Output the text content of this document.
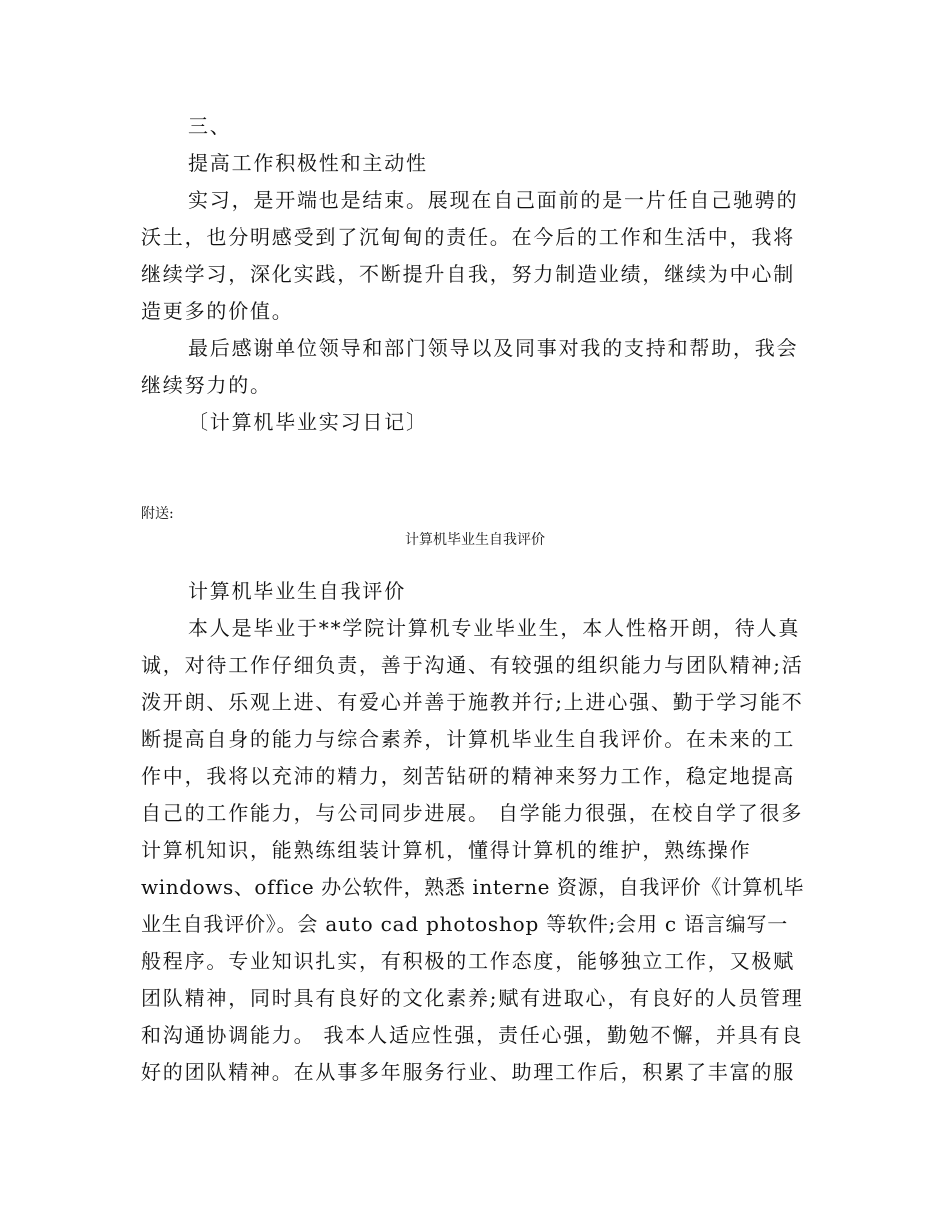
三、
提高工作积极性和主动性
实习，是开端也是结束。展现在自己面前的是一片任自己驰骋的
沃土，也分明感受到了沉甸甸的责任。在今后的工作和生活中，我将
继续学习，深化实践，不断提升自我，努力制造业绩，继续为中心制
造更多的价值。
最后感谢单位领导和部门领导以及同事对我的支持和帮助，我会
继续努力的。
〔计算机毕业实习日记〕
附送:
计算机毕业生自我评价
计算机毕业生自我评价
本人是毕业于**学院计算机专业毕业生，本人性格开朗，待人真
诚，对待工作仔细负责，善于沟通、有较强的组织能力与团队精神;活
泼开朗、乐观上进、有爱心并善于施教并行;上进心强、勤于学习能不
断提高自身的能力与综合素养，计算机毕业生自我评价。在未来的工
作中，我将以充沛的精力，刻苦钻研的精神来努力工作，稳定地提高
自己的工作能力，与公司同步进展。 自学能力很强，在校自学了很多
计算机知识，能熟练组装计算机，懂得计算机的维护，熟练操作
windows、office 办公软件，熟悉 interne 资源，自我评价《计算机毕
业生自我评价》。会 auto cad photoshop 等软件;会用 c 语言编写一
般程序。专业知识扎实，有积极的工作态度，能够独立工作，又极赋
团队精神，同时具有良好的文化素养;赋有进取心，有良好的人员管理
和沟通协调能力。 我本人适应性强，责任心强，勤勉不懈，并具有良
好的团队精神。在从事多年服务行业、助理工作后，积累了丰富的服
